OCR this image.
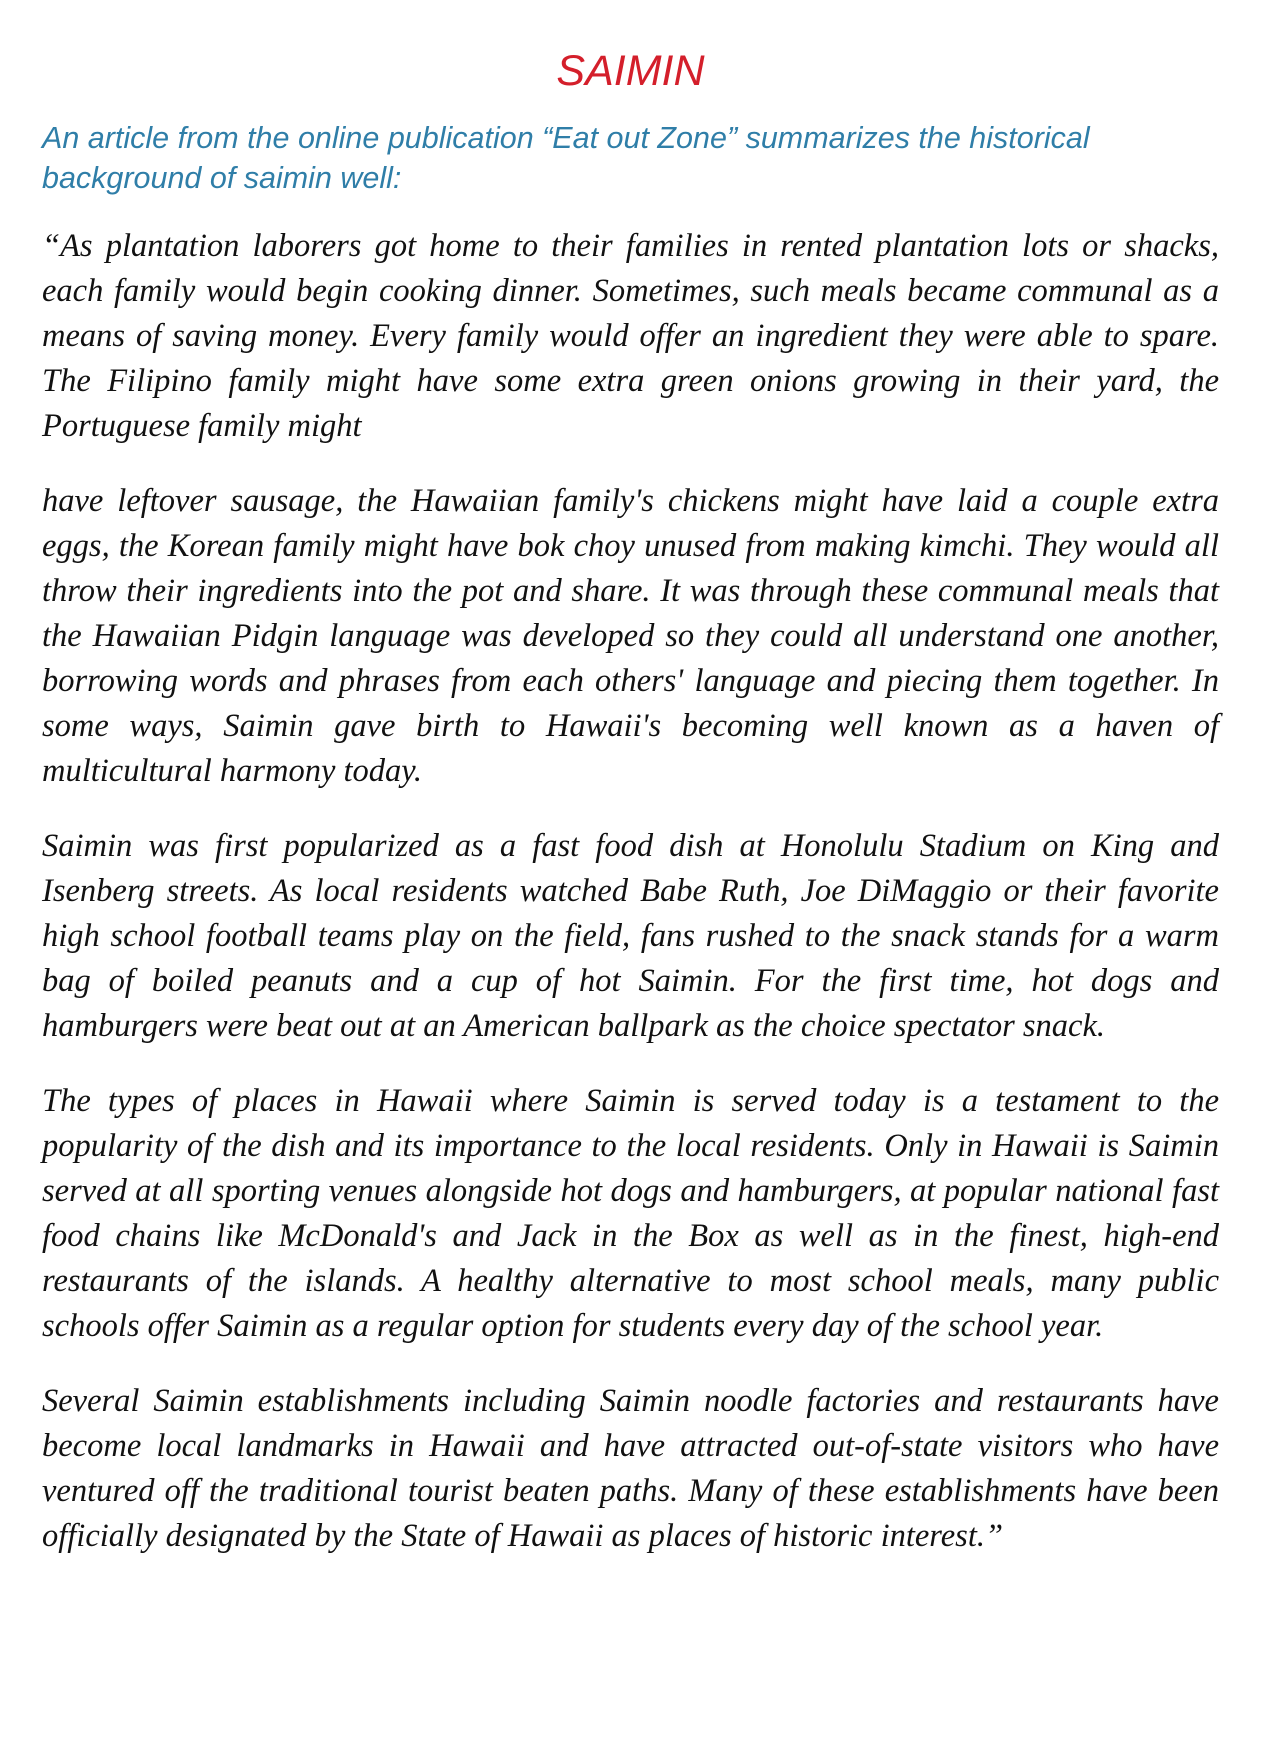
SAIMIN

An article from the online publication “Eat out Zone” summarizes the historical background of saimin well:

“As plantation laborers got home to their families in rented plantation lots or shacks, each family would begin cooking dinner. Sometimes, such meals became communal as a means of saving money. Every family would offer an ingredient they were able to spare. The Filipino family might have some extra green onions growing in their yard, the Portuguese family might

have leftover sausage, the Hawaiian family's chickens might have laid a couple extra eggs, the Korean family might have bok choy unused from making kimchi. They would all throw their ingredients into the pot and share. It was through these communal meals that the Hawaiian Pidgin language was developed so they could all understand one another, borrowing words and phrases from each others' language and piecing them together. In some ways, Saimin gave birth to Hawaii's becoming well known as a haven of multicultural harmony today.

Saimin was first popularized as a fast food dish at Honolulu Stadium on King and Isenberg streets. As local residents watched Babe Ruth, Joe DiMaggio or their favorite high school football teams play on the field, fans rushed to the snack stands for a warm bag of boiled peanuts and a cup of hot Saimin. For the first time, hot dogs and hamburgers were beat out at an American ballpark as the choice spectator snack.

The types of places in Hawaii where Saimin is served today is a testament to the popularity of the dish and its importance to the local residents. Only in Hawaii is Saimin served at all sporting venues alongside hot dogs and hamburgers, at popular national fast food chains like McDonald's and Jack in the Box as well as in the finest, high-end restaurants of the islands. A healthy alternative to most school meals, many public schools offer Saimin as a regular option for students every day of the school year.

Several Saimin establishments including Saimin noodle factories and restaurants have become local landmarks in Hawaii and have attracted out-of-state visitors who have ventured off the traditional tourist beaten paths. Many of these establishments have been officially designated by the State of Hawaii as places of historic interest.”
